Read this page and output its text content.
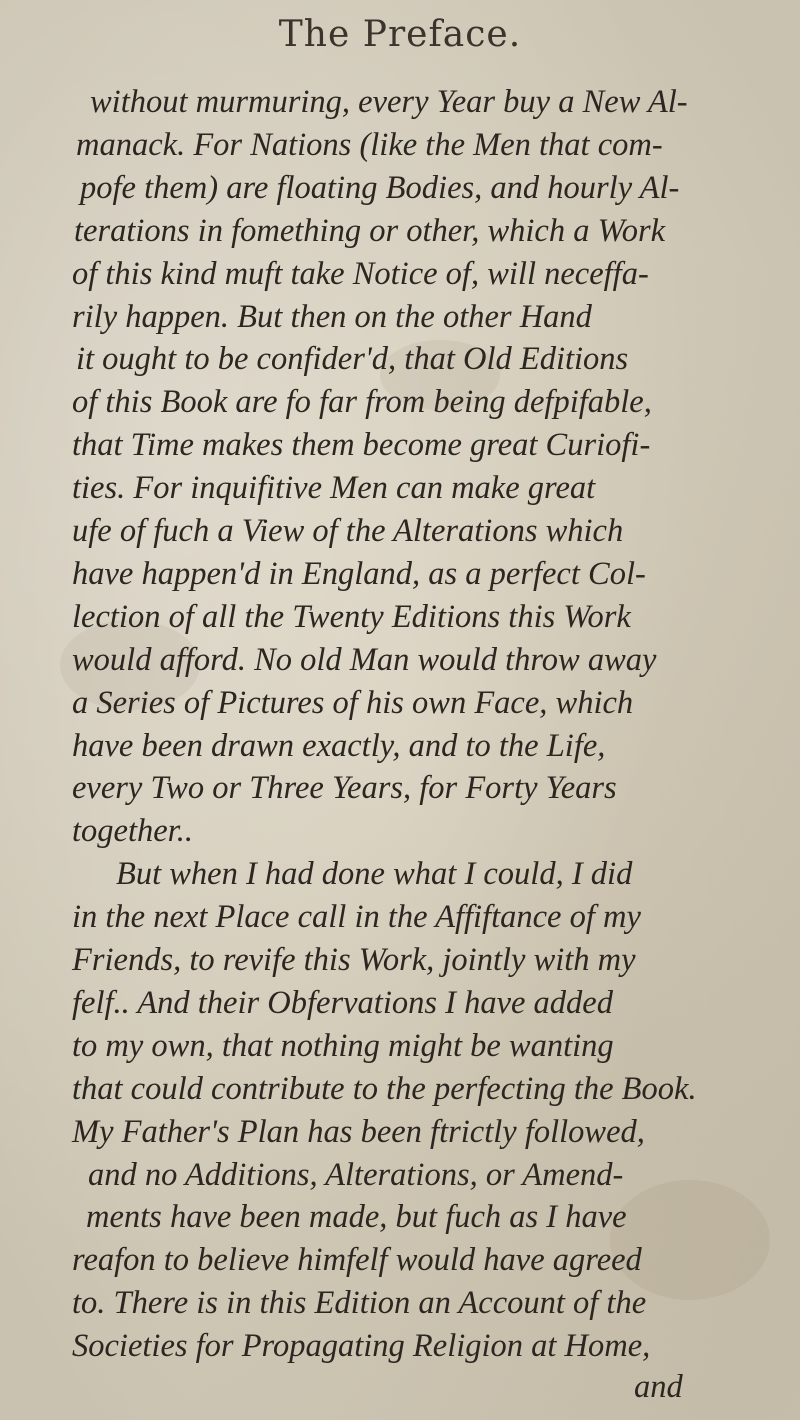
The Preface.
without murmuring, every Year buy a New Al-
manack. For Nations (like the Men that com-
pofe them) are floating Bodies, and hourly Al-
terations in fomething or other, which a Work
of this kind muft take Notice of, will neceffa-
rily happen. But then on the other Hand
it ought to be confider'd, that Old Editions
of this Book are fo far from being defpifable,
that Time makes them become great Curiofi-
ties. For inquifitive Men can make great
ufe of fuch a View of the Alterations which
have happen'd in England, as a perfect Col-
lection of all the Twenty Editions this Work
would afford. No old Man would throw away
a Series of Pictures of his own Face, which
have been drawn exactly, and to the Life,
every Two or Three Years, for Forty Years
together..
But when I had done what I could, I did
in the next Place call in the Affiftance of my
Friends, to revife this Work, jointly with my
felf.. And their Obfervations I have added
to my own, that nothing might be wanting
that could contribute to the perfecting the Book.
My Father's Plan has been ftrictly followed,
and no Additions, Alterations, or Amend-
ments have been made, but fuch as I have
reafon to believe himfelf would have agreed
to. There is in this Edition an Account of the
Societies for Propagating Religion at Home,
and
